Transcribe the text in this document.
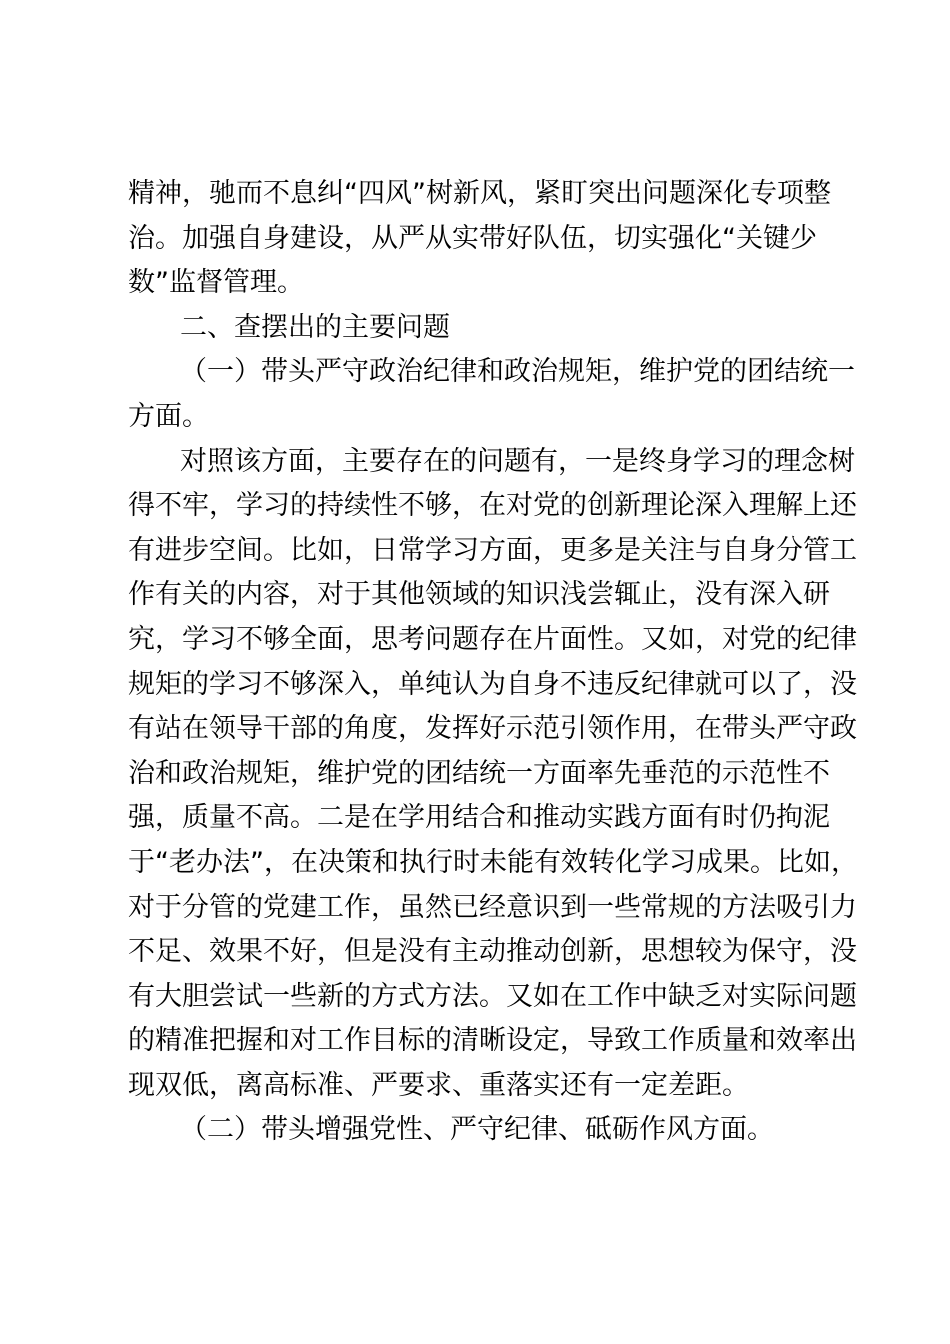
精神，驰而不息纠“四风”树新风，紧盯突出问题深化专项整
治。加强自身建设，从严从实带好队伍，切实强化“关键少
数”监督管理。
二、查摆出的主要问题
（一）带头严守政治纪律和政治规矩，维护党的团结统一
方面。
对照该方面，主要存在的问题有，一是终身学习的理念树
得不牢，学习的持续性不够，在对党的创新理论深入理解上还
有进步空间。比如，日常学习方面，更多是关注与自身分管工
作有关的内容，对于其他领域的知识浅尝辄止，没有深入研
究，学习不够全面，思考问题存在片面性。又如，对党的纪律
规矩的学习不够深入，单纯认为自身不违反纪律就可以了，没
有站在领导干部的角度，发挥好示范引领作用，在带头严守政
治和政治规矩，维护党的团结统一方面率先垂范的示范性不
强，质量不高。二是在学用结合和推动实践方面有时仍拘泥
于“老办法”，在决策和执行时未能有效转化学习成果。比如，
对于分管的党建工作，虽然已经意识到一些常规的方法吸引力
不足、效果不好，但是没有主动推动创新，思想较为保守，没
有大胆尝试一些新的方式方法。又如在工作中缺乏对实际问题
的精准把握和对工作目标的清晰设定，导致工作质量和效率出
现双低，离高标准、严要求、重落实还有一定差距。
（二）带头增强党性、严守纪律、砥砺作风方面。
